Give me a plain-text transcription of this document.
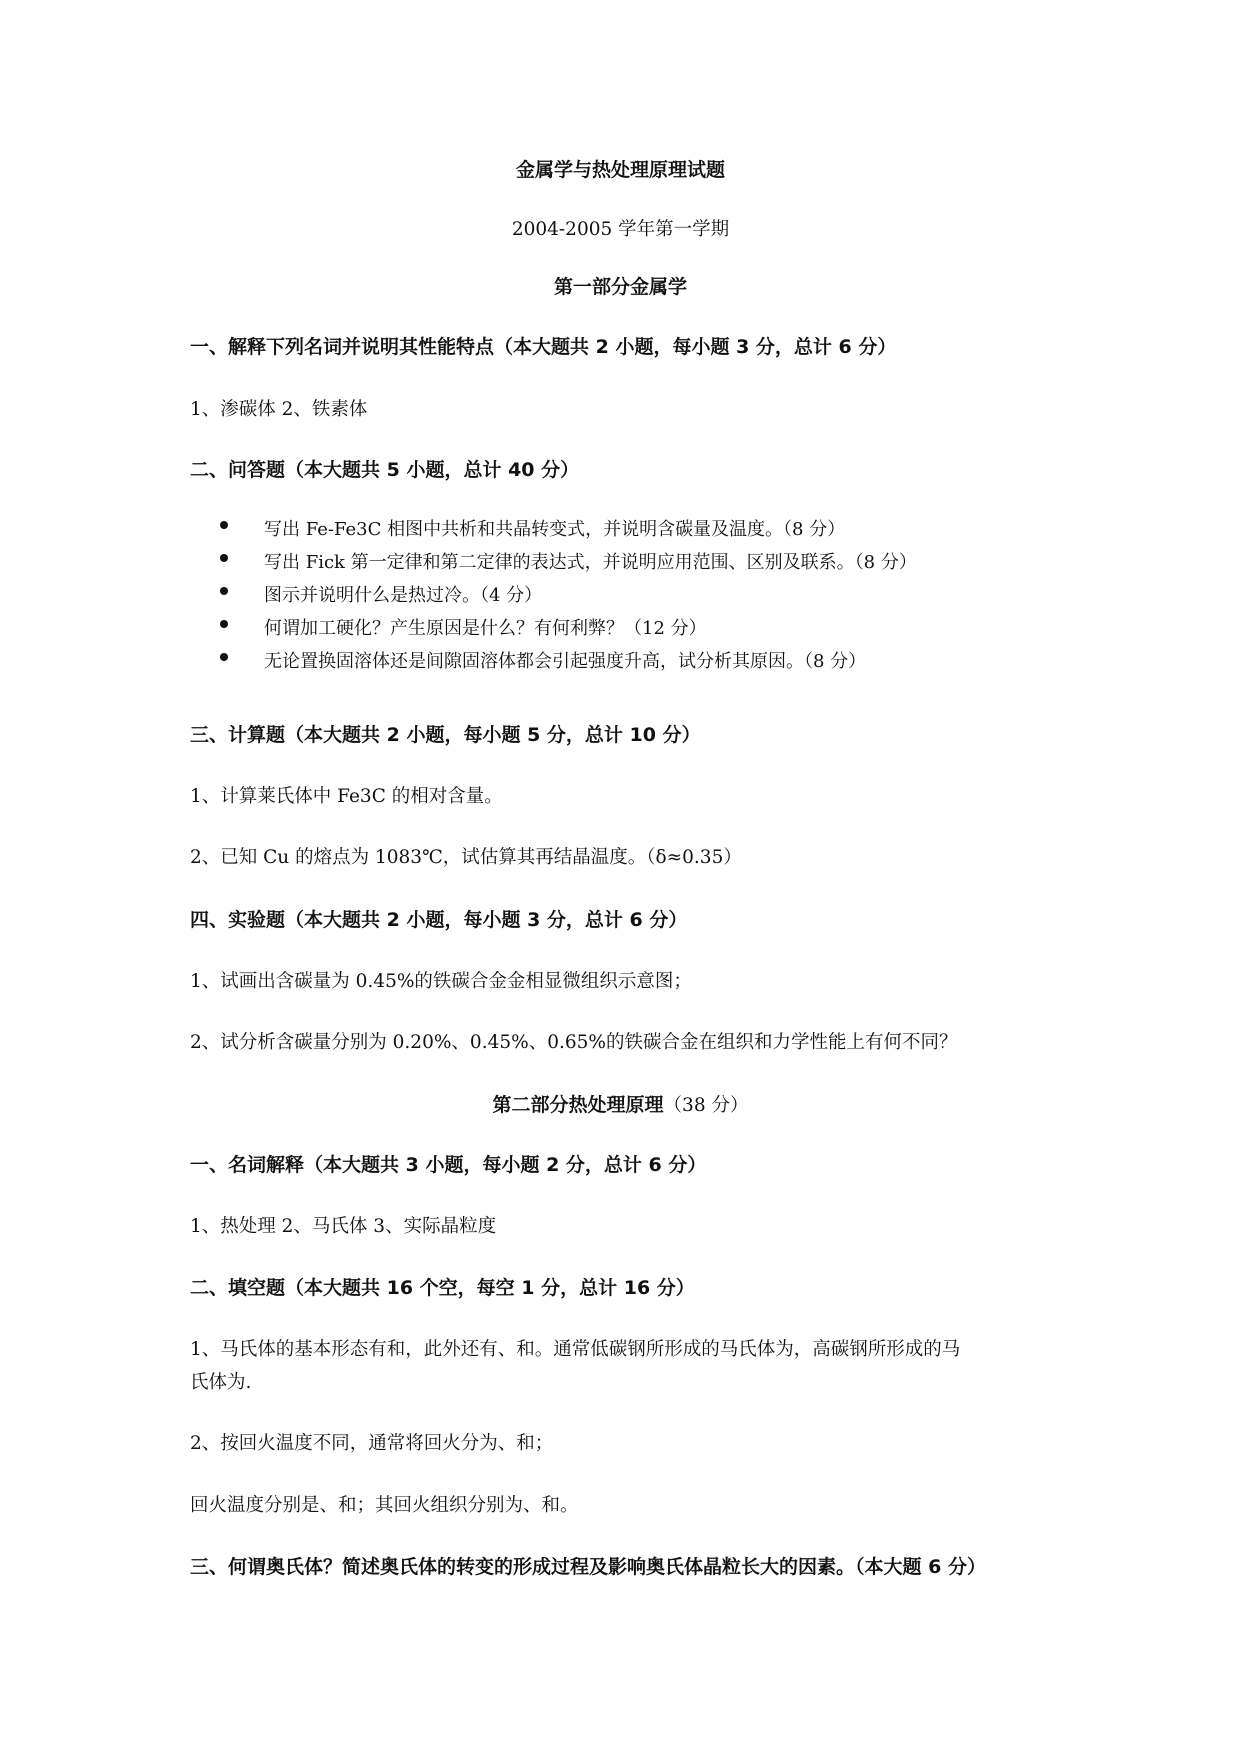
金属学与热处理原理试题
2004-2005 学年第一学期
第一部分金属学
一、解释下列名词并说明其性能特点（本大题共 2 小题，每小题 3 分，总计 6 分）
1、渗碳体 2、铁素体
二、问答题（本大题共 5 小题，总计 40 分）
写出 Fe-Fe3C 相图中共析和共晶转变式，并说明含碳量及温度。（8 分）
写出 Fick 第一定律和第二定律的表达式，并说明应用范围、区别及联系。（8 分）
图示并说明什么是热过冷。（4 分）
何谓加工硬化？产生原因是什么？有何利弊？（12 分）
无论置换固溶体还是间隙固溶体都会引起强度升高，试分析其原因。（8 分）
三、计算题（本大题共 2 小题，每小题 5 分，总计 10 分）
1、计算莱氏体中 Fe3C 的相对含量。
2、已知 Cu 的熔点为 1083℃，试估算其再结晶温度。（δ≈0.35）
四、实验题（本大题共 2 小题，每小题 3 分，总计 6 分）
1、试画出含碳量为 0.45%的铁碳合金金相显微组织示意图；
2、试分析含碳量分别为 0.20%、0.45%、0.65%的铁碳合金在组织和力学性能上有何不同？
第二部分热处理原理（38 分）
一、名词解释（本大题共 3 小题，每小题 2 分，总计 6 分）
1、热处理 2、马氏体 3、实际晶粒度
二、填空题（本大题共 16 个空，每空 1 分，总计 16 分）
1、马氏体的基本形态有和，此外还有、和。通常低碳钢所形成的马氏体为，高碳钢所形成的马
氏体为.
2、按回火温度不同，通常将回火分为、和；
回火温度分别是、和；其回火组织分别为、和。
三、何谓奥氏体？简述奥氏体的转变的形成过程及影响奥氏体晶粒长大的因素。（本大题 6 分）
